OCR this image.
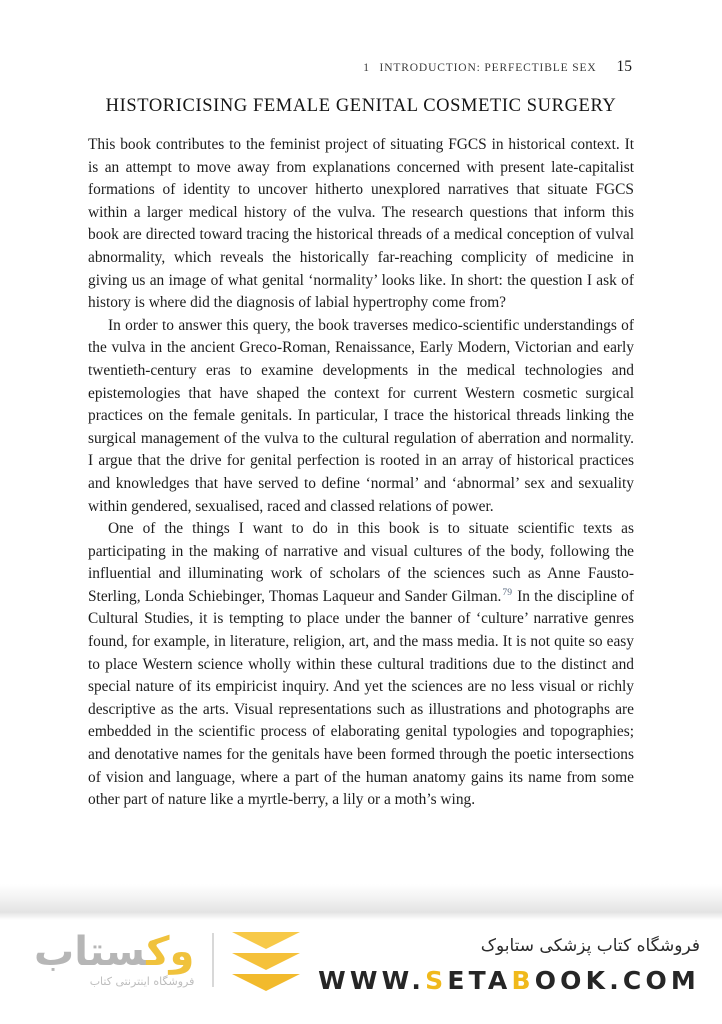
1 INTRODUCTION: PERFECTIBLE SEX 15
HISTORICISING FEMALE GENITAL COSMETIC SURGERY

This book contributes to the feminist project of situating FGCS in historical context. It is an attempt to move away from explanations concerned with present late-capitalist formations of identity to uncover hitherto unexplored narratives that situate FGCS within a larger medical history of the vulva. The research questions that inform this book are directed toward tracing the historical threads of a medical conception of vulval abnormality, which reveals the historically far-reaching complicity of medicine in giving us an image of what genital ‘normality’ looks like. In short: the question I ask of history is where did the diagnosis of labial hypertrophy come from?

In order to answer this query, the book traverses medico-scientific understandings of the vulva in the ancient Greco-Roman, Renaissance, Early Modern, Victorian and early twentieth-century eras to examine developments in the medical technologies and epistemologies that have shaped the context for current Western cosmetic surgical practices on the female genitals. In particular, I trace the historical threads linking the surgical management of the vulva to the cultural regulation of aberration and normality. I argue that the drive for genital perfection is rooted in an array of historical practices and knowledges that have served to define ‘normal’ and ‘abnormal’ sex and sexuality within gendered, sexualised, raced and classed relations of power.

One of the things I want to do in this book is to situate scientific texts as participating in the making of narrative and visual cultures of the body, following the influential and illuminating work of scholars of the sciences such as Anne Fausto-Sterling, Londa Schiebinger, Thomas Laqueur and Sander Gilman.$^{79}$ In the discipline of Cultural Studies, it is tempting to place under the banner of ‘culture’ narrative genres found, for example, in literature, religion, art, and the mass media. It is not quite so easy to place Western science wholly within these cultural traditions due to the distinct and special nature of its empiricist inquiry. And yet the sciences are no less visual or richly descriptive as the arts. Visual representations such as illustrations and photographs are embedded in the scientific process of elaborating genital typologies and topographies; and denotative names for the genitals have been formed through the poetic intersections of vision and language, where a part of the human anatomy gains its name from some other part of nature like a myrtle-berry, a lily or a moth’s wing.

وکستاب
فروشگاه اینترنتی کتاب
فروشگاه کتاب پزشکی ستابوک
WWW.SETABOOK.COM
